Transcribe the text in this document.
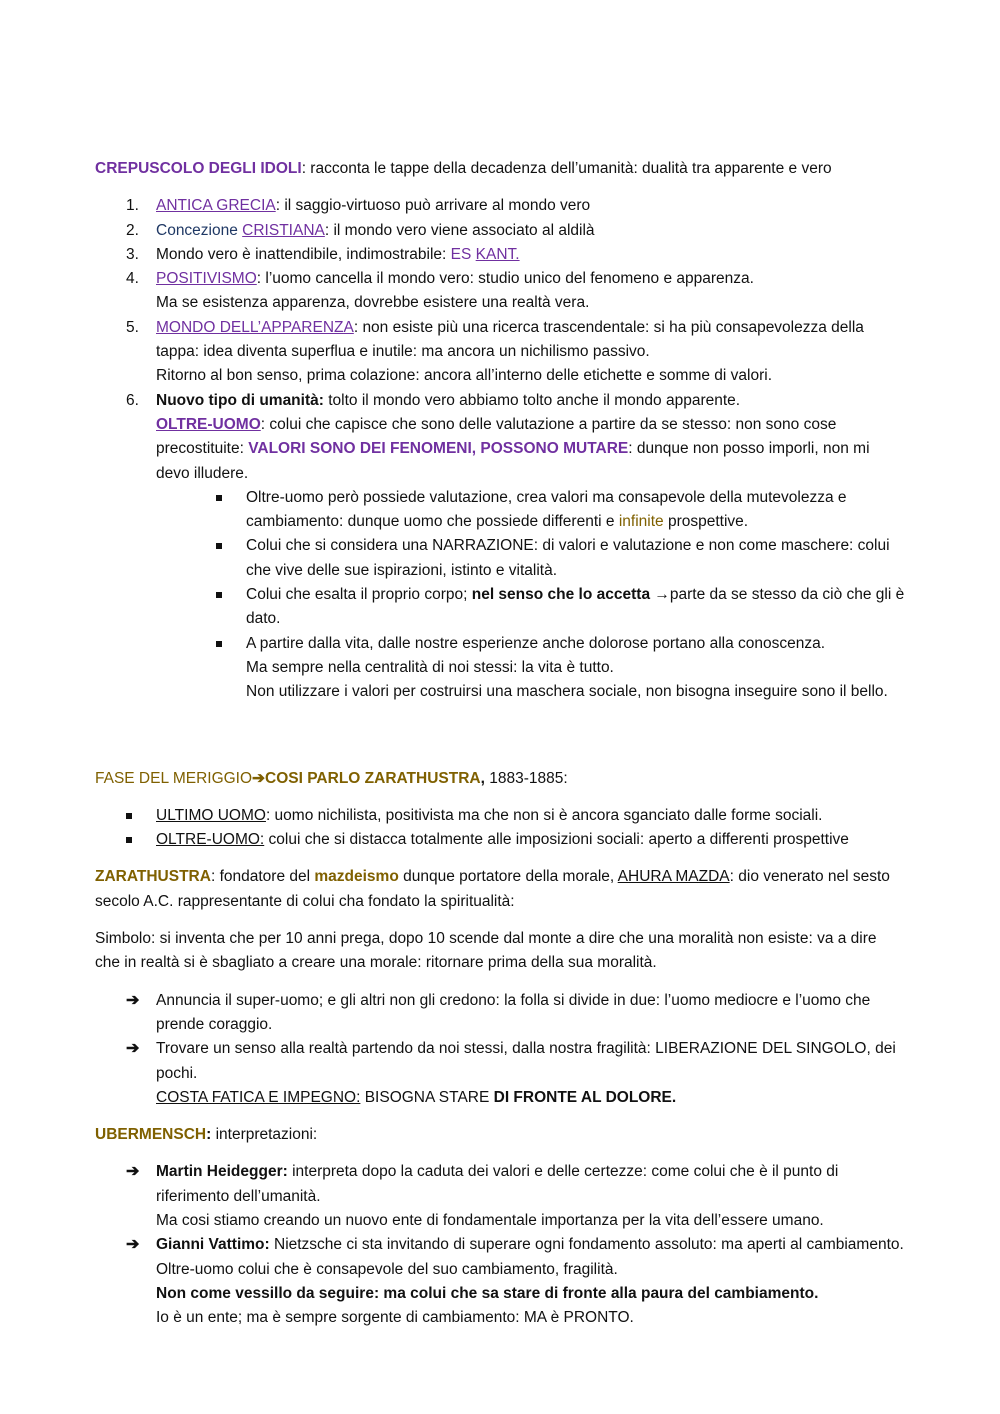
CREPUSCOLO DEGLI IDOLI: racconta le tappe della decadenza dell’umanità: dualità tra apparente e vero

1.	ANTICA GRECIA: il saggio-virtuoso può arrivare al mondo vero
2.	Concezione CRISTIANA: il mondo vero viene associato al aldilà
3.	Mondo vero è inattendibile, indimostrabile: ES KANT.
4.	POSITIVISMO: l’uomo cancella il mondo vero: studio unico del fenomeno e apparenza.
Ma se esistenza apparenza, dovrebbe esistere una realtà vera.
5.	MONDO DELL’APPARENZA: non esiste più una ricerca trascendentale: si ha più consapevolezza della tappa: idea diventa superflua e inutile: ma ancora un nichilismo passivo.
Ritorno al bon senso, prima colazione: ancora all’interno delle etichette e somme di valori.
6.	Nuovo tipo di umanità: tolto il mondo vero abbiamo tolto anche il mondo apparente.
OLTRE-UOMO: colui che capisce che sono delle valutazione a partire da se stesso: non sono cose precostituite: VALORI SONO DEI FENOMENI, POSSONO MUTARE: dunque non posso imporli, non mi devo illudere.
Oltre-uomo però possiede valutazione, crea valori ma consapevole della mutevolezza e cambiamento: dunque uomo che possiede differenti e infinite prospettive.
Colui che si considera una NARRAZIONE: di valori e valutazione e non come maschere: colui che vive delle sue ispirazioni, istinto e vitalità.
Colui che esalta il proprio corpo; nel senso che lo accetta →parte da se stesso da ciò che gli è dato.
A partire dalla vita, dalle nostre esperienze anche dolorose portano alla conoscenza.
Ma sempre nella centralità di noi stessi: la vita è tutto.
Non utilizzare i valori per costruirsi una maschera sociale, non bisogna inseguire sono il bello.

FASE DEL MERIGGIO➔COSI PARLO ZARATHUSTRA, 1883-1885:

ULTIMO UOMO: uomo nichilista, positivista ma che non si è ancora sganciato dalle forme sociali.
OLTRE-UOMO: colui che si distacca totalmente alle imposizioni sociali: aperto a differenti prospettive

ZARATHUSTRA: fondatore del mazdeismo dunque portatore della morale, AHURA MAZDA: dio venerato nel sesto secolo A.C. rappresentante di colui cha fondato la spiritualità:

Simbolo: si inventa che per 10 anni prega, dopo 10 scende dal monte a dire che una moralità non esiste: va a dire che in realtà si è sbagliato a creare una morale: ritornare prima della sua moralità.

➔ Annuncia il super-uomo; e gli altri non gli credono: la folla si divide in due: l’uomo mediocre e l’uomo che prende coraggio.
➔ Trovare un senso alla realtà partendo da noi stessi, dalla nostra fragilità: LIBERAZIONE DEL SINGOLO, dei pochi.
COSTA FATICA E IMPEGNO: BISOGNA STARE DI FRONTE AL DOLORE.

UBERMENSCH: interpretazioni:

➔ Martin Heidegger: interpreta dopo la caduta dei valori e delle certezze: come colui che è il punto di riferimento dell’umanità.
Ma cosi stiamo creando un nuovo ente di fondamentale importanza per la vita dell’essere umano.
➔ Gianni Vattimo: Nietzsche ci sta invitando di superare ogni fondamento assoluto: ma aperti al cambiamento. Oltre-uomo colui che è consapevole del suo cambiamento, fragilità.
Non come vessillo da seguire: ma colui che sa stare di fronte alla paura del cambiamento.
Io è un ente; ma è sempre sorgente di cambiamento: MA è PRONTO.
